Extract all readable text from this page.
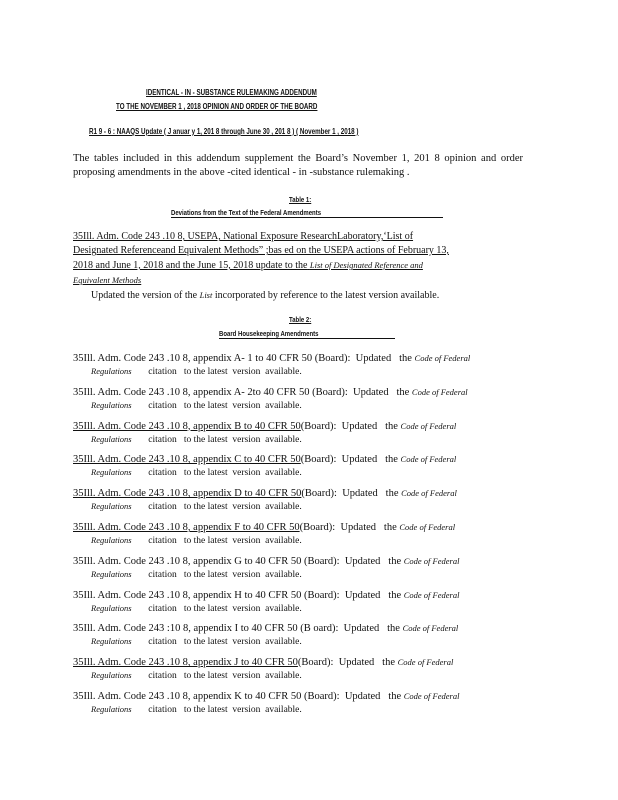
IDENTICAL - IN - SUBSTANCE RULEMAKING ADDENDUM
TO THE NOVEMBER 1 , 2018 OPINION AND ORDER OF THE BOARD
R1 9 - 6 : NAAQS Update ( J anuar y 1, 201 8 through June 30 , 201 8 ) ( November 1 , 2018 )
The tables included in this addendum supplement the Board’s November 1, 201 8 opinion and order proposing amendments in the above -cited identical - in -substance rulemaking .
Table 1:
Deviations from the Text of the Federal Amendments
35Ill. Adm. Code 243 .10 8, USEPA, National Exposure ResearchLaboratory,‘List of
Designated Referenceand Equivalent Methods” ;bas ed on the USEPA actions of February 13,
2018 and June 1, 2018 and the June 15, 2018 update to the List of Designated Reference and
Equivalent Methods
Updated the version of the List incorporated by reference to the latest version available.
Table 2:
Board Housekeeping Amendments
35Ill. Adm. Code 243 .10 8, appendix A- 1 to 40 CFR 50 (Board):  Updated   the Code of Federal
Regulations       citation   to the latest  version  available.
35Ill. Adm. Code 243 .10 8, appendix A- 2to 40 CFR 50 (Board):  Updated   the Code of Federal
Regulations       citation   to the latest  version  available.
35Ill. Adm. Code 243 .10 8, appendix B to 40 CFR 50(Board):  Updated   the Code of Federal
Regulations       citation   to the latest  version  available.
35Ill. Adm. Code 243 .10 8, appendix C to 40 CFR 50(Board):  Updated   the Code of Federal
Regulations       citation   to the latest  version  available.
35Ill. Adm. Code 243 .10 8, appendix D to 40 CFR 50(Board):  Updated   the Code of Federal
Regulations       citation   to the latest  version  available.
35Ill. Adm. Code 243 .10 8, appendix F to 40 CFR 50(Board):  Updated   the Code of Federal
Regulations       citation   to the latest  version  available.
35Ill. Adm. Code 243 .10 8, appendix G to 40 CFR 50 (Board):  Updated   the Code of Federal
Regulations       citation   to the latest  version  available.
35Ill. Adm. Code 243 .10 8, appendix H to 40 CFR 50 (Board):  Updated   the Code of Federal
Regulations       citation   to the latest  version  available.
35Ill. Adm. Code 243 :10 8, appendix I to 40 CFR 50 (B oard):  Updated   the Code of Federal
Regulations       citation   to the latest  version  available.
35Ill. Adm. Code 243 .10 8, appendix J to 40 CFR 50(Board):  Updated   the Code of Federal
Regulations       citation   to the latest  version  available.
35Ill. Adm. Code 243 .10 8, appendix K to 40 CFR 50 (Board):  Updated   the Code of Federal
Regulations       citation   to the latest  version  available.
